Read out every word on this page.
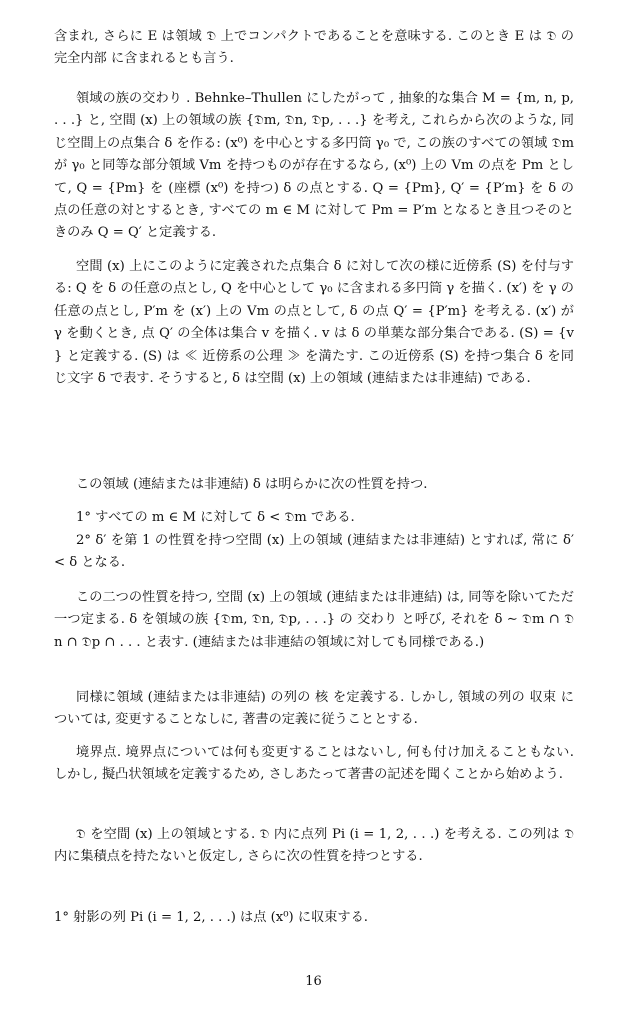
含まれ, さらに E は領域 𝔇 上でコンパクトであることを意味する. このとき E は 𝔇 の 完全内部 に含まれるとも言う.

領域の族の交わり . Behnke–Thullen にしたがって , 抽象的な集合 M = {m, n, p, . . .} と, 空間 (x) 上の領域の族 {𝔇m, 𝔇n, 𝔇p, . . .} を考え, これらから次のような, 同じ空間上の点集合 δ を作る: (x⁰) を中心とする多円筒 γ₀ で, この族のすべての領域 𝔇m が γ₀ と同等な部分領域 Vm を持つものが存在するなら, (x⁰) 上の Vm の点を Pm として, Q = {Pm} を (座標 (x⁰) を持つ) δ の点とする. Q = {Pm}, Q′ = {P′m} を δ の点の任意の対とするとき, すべての m ∈ M に対して Pm = P′m となるとき且つそのときのみ Q = Q′ と定義する.

空間 (x) 上にこのように定義された点集合 δ に対して次の様に近傍系 (S) を付与する: Q を δ の任意の点とし, Q を中心として γ₀ に含まれる多円筒 γ を描く. (x′) を γ の任意の点とし, P′m を (x′) 上の Vm の点として, δ の点 Q′ = {P′m} を考える. (x′) が γ を動くとき, 点 Q′ の全体は集合 v を描く. v は δ の単葉な部分集合である. (S) = {v} と定義する. (S) は ≪ 近傍系の公理 ≫ を満たす. この近傍系 (S) を持つ集合 δ を同じ文字 δ で表す. そうすると, δ は空間 (x) 上の領域 (連結または非連結) である.

この領域 (連結または非連結) δ は明らかに次の性質を持つ.

1° すべての m ∈ M に対して δ < 𝔇m である.

2° δ′ を第 1 の性質を持つ空間 (x) 上の領域 (連結または非連結) とすれば, 常に δ′ < δ となる.

この二つの性質を持つ, 空間 (x) 上の領域 (連結または非連結) は, 同等を除いてただ一つ定まる. δ を領域の族 {𝔇m, 𝔇n, 𝔇p, . . .} の 交わり と呼び, それを δ ∼ 𝔇m ∩ 𝔇n ∩ 𝔇p ∩ . . . と表す. (連結または非連結の領域に対しても同様である.)

同様に領域 (連結または非連結) の列の 核 を定義する. しかし, 領域の列の 収束 については, 変更することなしに, 著書の定義に従うこととする.

境界点. 境界点については何も変更することはないし, 何も付け加えることもない. しかし, 擬凸状領域を定義するため, さしあたって著書の記述を聞くことから始めよう.

𝔇 を空間 (x) 上の領域とする. 𝔇 内に点列 Pi (i = 1, 2, . . .) を考える. この列は 𝔇 内に集積点を持たないと仮定し, さらに次の性質を持つとする.

1° 射影の列 Pi (i = 1, 2, . . .) は点 (x⁰) に収束する.

16
